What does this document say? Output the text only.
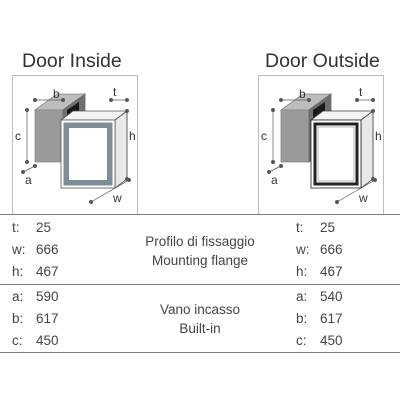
Door Inside	Door Outside
b
c
a
t
h
w
b
c
a
t
h
w
t: 25
w: 666
h: 467
Profilo di fissaggio
Mounting flange
t: 25
w: 666
h: 467
a: 590
b: 617
c: 450
Vano incasso
Built-in
a: 540
b: 617
c: 450
